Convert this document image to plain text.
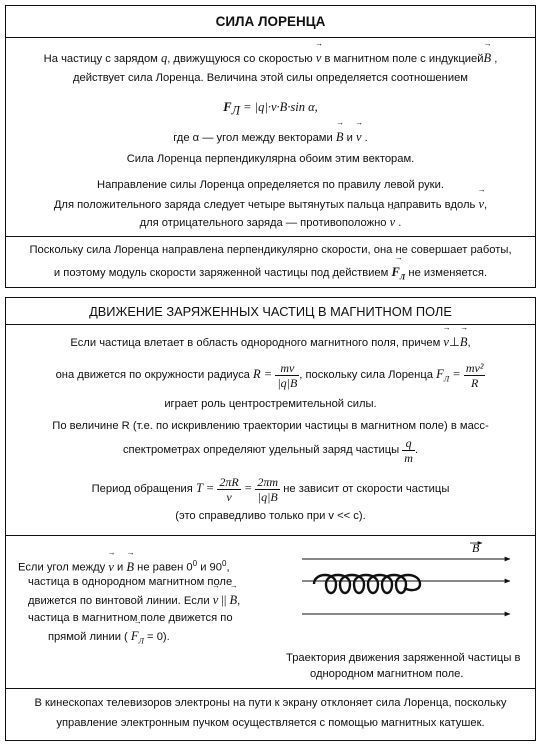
СИЛА ЛОРЕНЦА
На частицу с зарядом q, движущуюся со скоростью → v в магнитном поле с индукцией→ B ,
действует сила Лоренца. Величина этой силы определяется соотношением
$F_Л = |q|\cdot v\cdot B\cdot\sin$ α,
где α — угол между векторами → B и → v .
Сила Лоренца перпендикулярна обоим этим векторам.
Направление силы Лоренца определяется по правилу левой руки.
Для положительного заряда следует четыре вытянутых пальца направить вдоль → v,
для отрицательного заряда — противоположно → v .
Поскольку сила Лоренца направлена перпендикулярно скорости, она не совершает работы,
и поэтому модуль скорости заряженной частицы под действием → $F_Л$ не изменяется.
ДВИЖЕНИЕ ЗАРЯЖЕННЫХ ЧАСТИЦ В МАГНИТНОМ ПОЛЕ
Если частица влетает в область однородного магнитного поля, причем → v⊥→ B,
она движется по окружности радиуса $R = \frac{mv}{|q|B}$ , поскольку сила Лоренца $F_Л = \frac{\text{mv²}}{R}$
играет роль центростремительной силы.
По величине R (т.е. по искривлению траектории частицы в магнитном поле) в масс-
спектрометрах определяют удельный заряд частицы $\frac{q}{m}$ .
Период обращения $T = \frac{2\pi R}{v} = \frac{2\pi m}{|q|B}$ не зависит от скорости частицы
(это справедливо только при v << c).
Если угол между → v и → B не равен $0^0$ и $90^0$,
частица в однородном магнитном поле
движется по винтовой линии. Если → v || → B,
частица в магнитном поле движется по
прямой линии ( → $F_Л = 0$).
B
Траектория движения заряженной частицы в
однородном магнитном поле.
В кинескопах телевизоров электроны на пути к экрану отклоняет сила Лоренца, поскольку
управление электронным пучком осуществляется с помощью магнитных катушек.
